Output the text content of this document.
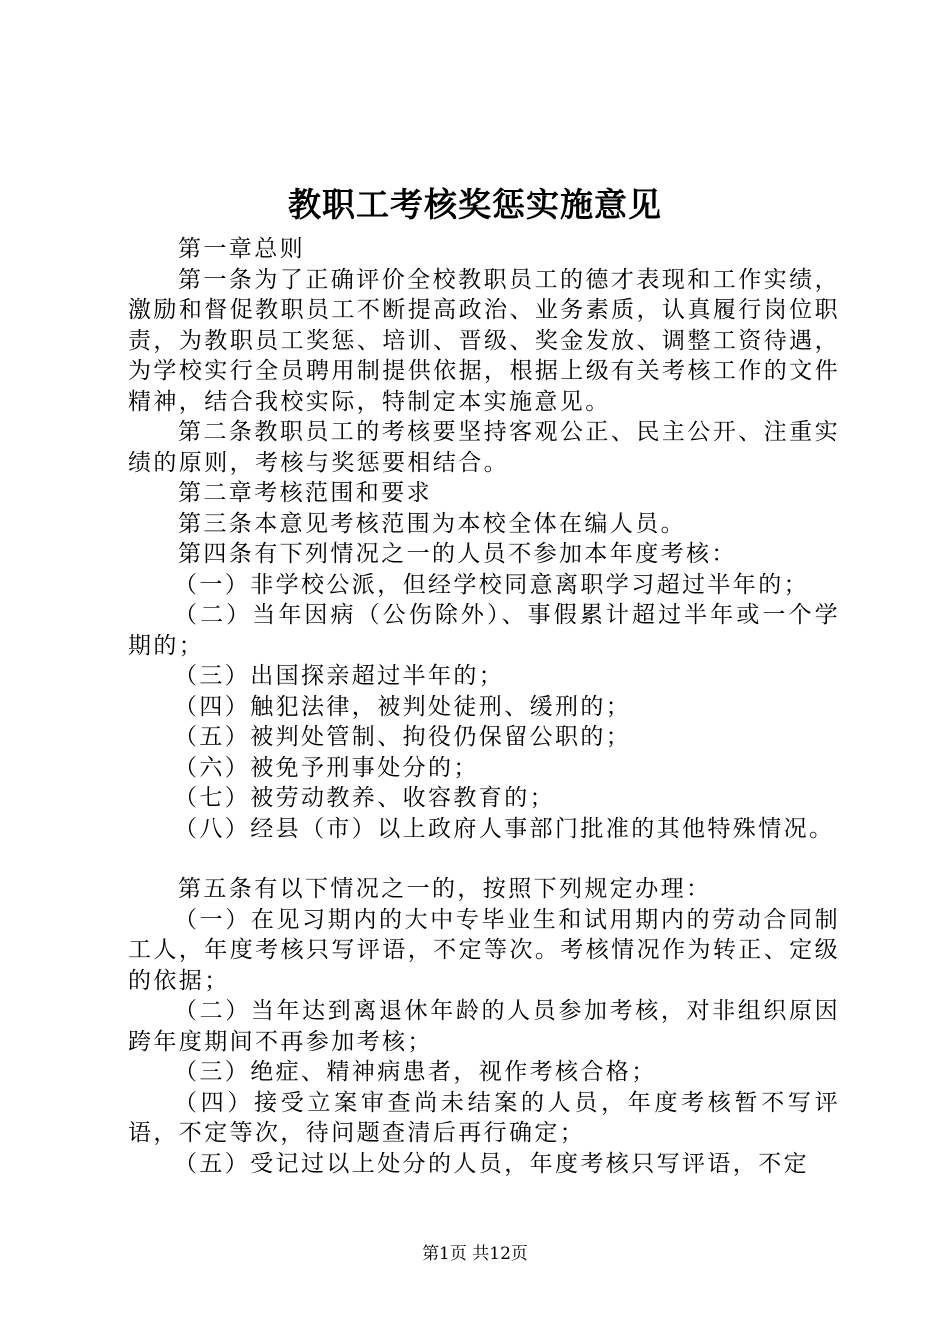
教职工考核奖惩实施意见

第一章总则

第一条为了正确评价全校教职员工的德才表现和工作实绩，激励和督促教职员工不断提高政治、业务素质，认真履行岗位职责，为教职员工奖惩、培训、晋级、奖金发放、调整工资待遇，为学校实行全员聘用制提供依据，根据上级有关考核工作的文件精神，结合我校实际，特制定本实施意见。

第二条教职员工的考核要坚持客观公正、民主公开、注重实绩的原则，考核与奖惩要相结合。

第二章考核范围和要求

第三条本意见考核范围为本校全体在编人员。

第四条有下列情况之一的人员不参加本年度考核：

（一）非学校公派，但经学校同意离职学习超过半年的；

（二）当年因病（公伤除外）、事假累计超过半年或一个学期的；

（三）出国探亲超过半年的；

（四）触犯法律，被判处徒刑、缓刑的；

（五）被判处管制、拘役仍保留公职的；

（六）被免予刑事处分的；

（七）被劳动教养、收容教育的；

（八）经县（市）以上政府人事部门批准的其他特殊情况。

第五条有以下情况之一的，按照下列规定办理：

（一）在见习期内的大中专毕业生和试用期内的劳动合同制工人，年度考核只写评语，不定等次。考核情况作为转正、定级的依据；

（二）当年达到离退休年龄的人员参加考核，对非组织原因跨年度期间不再参加考核；

（三）绝症、精神病患者，视作考核合格；

（四）接受立案审查尚未结案的人员，年度考核暂不写评语，不定等次，待问题查清后再行确定；

（五）受记过以上处分的人员，年度考核只写评语，不定

第1页 共12页
